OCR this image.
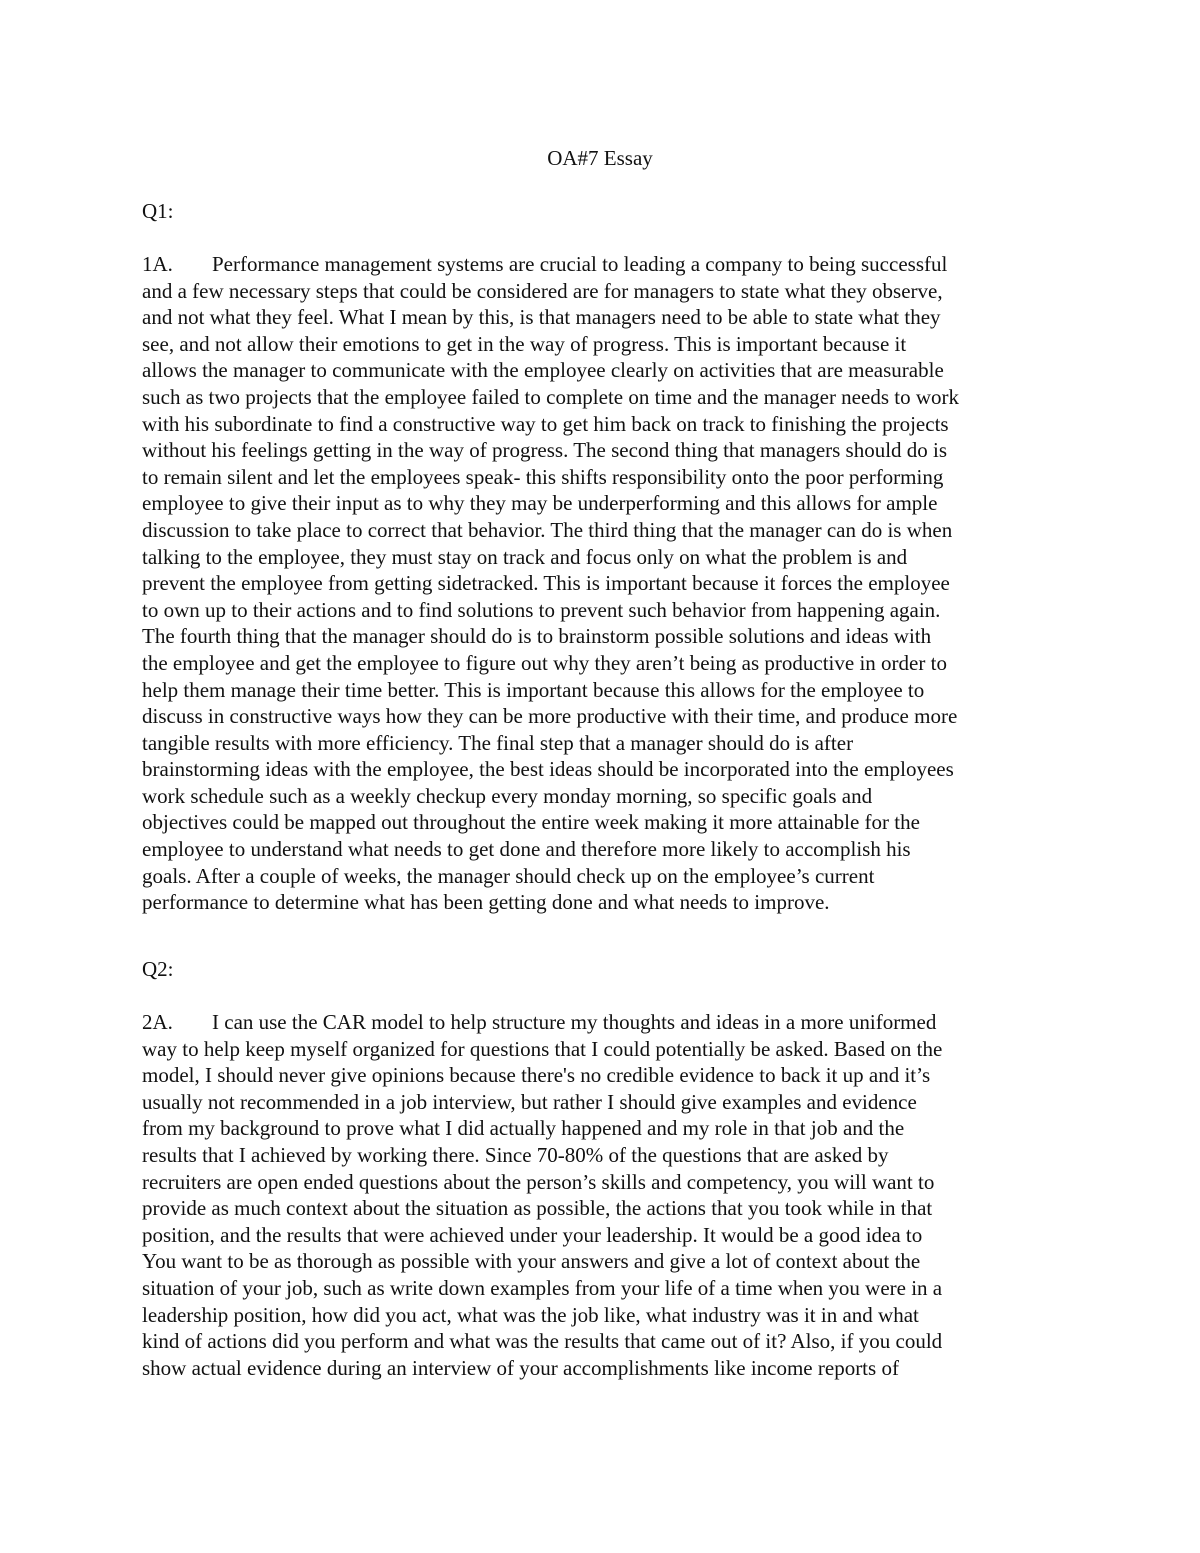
OA#7 Essay

Q1:

1A. Performance management systems are crucial to leading a company to being successful
and a few necessary steps that could be considered are for managers to state what they observe,
and not what they feel. What I mean by this, is that managers need to be able to state what they
see, and not allow their emotions to get in the way of progress. This is important because it
allows the manager to communicate with the employee clearly on activities that are measurable
such as two projects that the employee failed to complete on time and the manager needs to work
with his subordinate to find a constructive way to get him back on track to finishing the projects
without his feelings getting in the way of progress. The second thing that managers should do is
to remain silent and let the employees speak- this shifts responsibility onto the poor performing
employee to give their input as to why they may be underperforming and this allows for ample
discussion to take place to correct that behavior. The third thing that the manager can do is when
talking to the employee, they must stay on track and focus only on what the problem is and
prevent the employee from getting sidetracked. This is important because it forces the employee
to own up to their actions and to find solutions to prevent such behavior from happening again.
The fourth thing that the manager should do is to brainstorm possible solutions and ideas with
the employee and get the employee to figure out why they aren’t being as productive in order to
help them manage their time better. This is important because this allows for the employee to
discuss in constructive ways how they can be more productive with their time, and produce more
tangible results with more efficiency. The final step that a manager should do is after
brainstorming ideas with the employee, the best ideas should be incorporated into the employees
work schedule such as a weekly checkup every monday morning, so specific goals and
objectives could be mapped out throughout the entire week making it more attainable for the
employee to understand what needs to get done and therefore more likely to accomplish his
goals. After a couple of weeks, the manager should check up on the employee’s current
performance to determine what has been getting done and what needs to improve.

Q2:

2A. I can use the CAR model to help structure my thoughts and ideas in a more uniformed
way to help keep myself organized for questions that I could potentially be asked. Based on the
model, I should never give opinions because there's no credible evidence to back it up and it’s
usually not recommended in a job interview, but rather I should give examples and evidence
from my background to prove what I did actually happened and my role in that job and the
results that I achieved by working there. Since 70-80% of the questions that are asked by
recruiters are open ended questions about the person’s skills and competency, you will want to
provide as much context about the situation as possible, the actions that you took while in that
position, and the results that were achieved under your leadership. It would be a good idea to
You want to be as thorough as possible with your answers and give a lot of context about the
situation of your job, such as write down examples from your life of a time when you were in a
leadership position, how did you act, what was the job like, what industry was it in and what
kind of actions did you perform and what was the results that came out of it? Also, if you could
show actual evidence during an interview of your accomplishments like income reports of
